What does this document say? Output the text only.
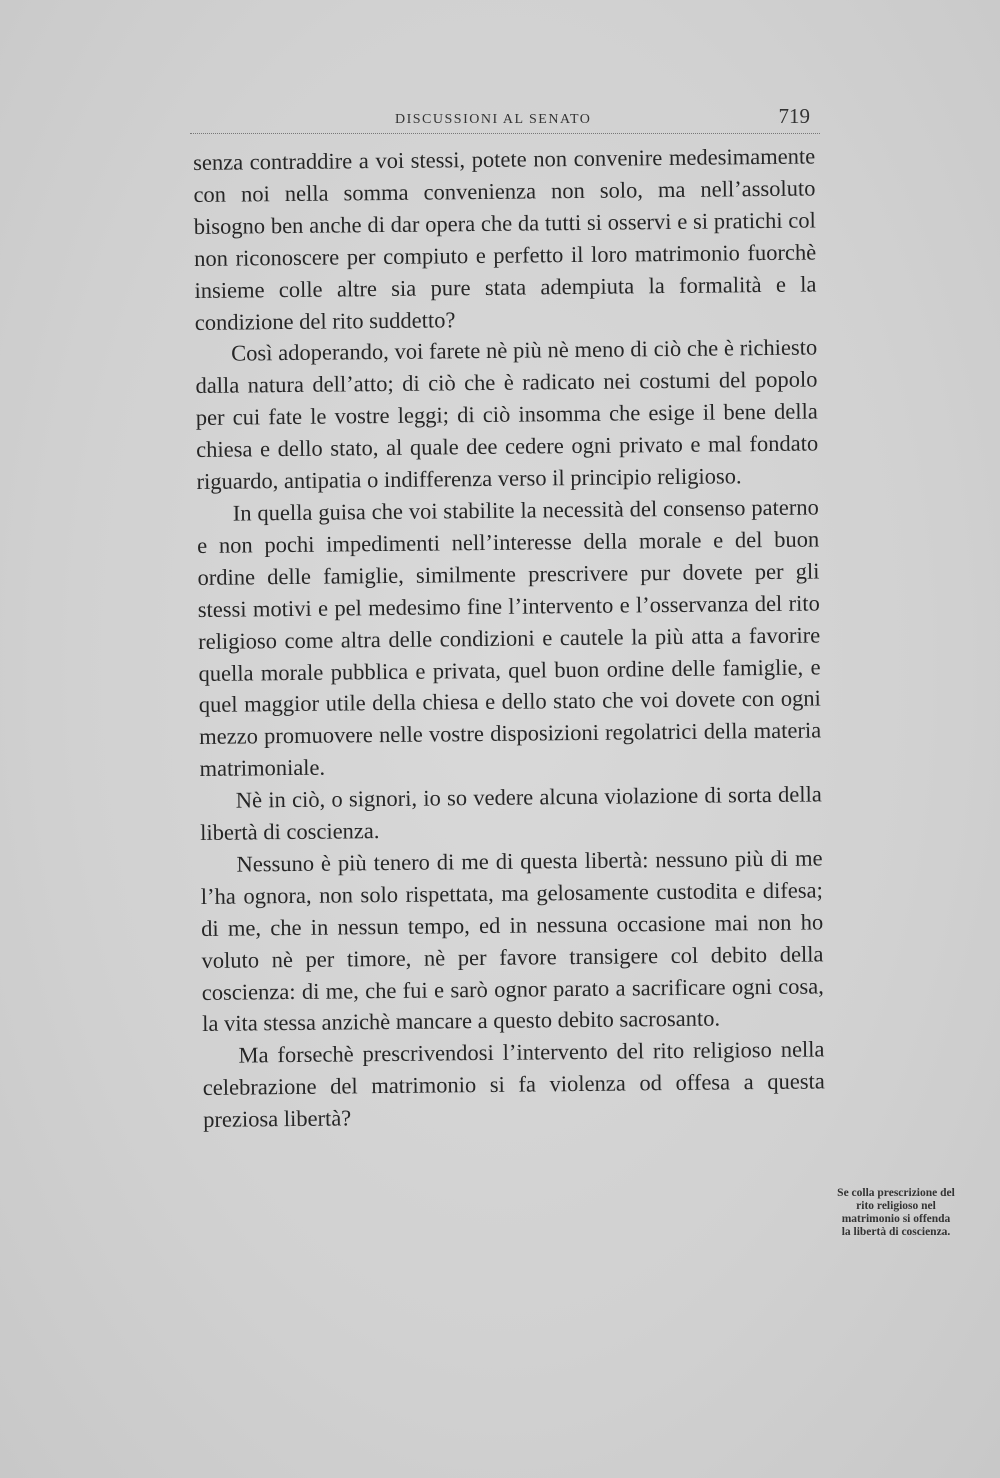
DISCUSSIONI AL SENATO	719

senza contraddire a voi stessi, potete non convenire medesimamente con noi nella somma convenienza non solo, ma nell’assoluto bisogno ben anche di dar opera che da tutti si osservi e si pratichi col non riconoscere per compiuto e perfetto il loro matrimonio fuorchè insieme colle altre sia pure stata adempiuta la formalità e la condizione del rito suddetto?

Così adoperando, voi farete nè più nè meno di ciò che è richiesto dalla natura dell’atto; di ciò che è radicato nei costumi del popolo per cui fate le vostre leggi; di ciò insomma che esige il bene della chiesa e dello stato, al quale dee cedere ogni privato e mal fondato riguardo, antipatia o indifferenza verso il principio religioso.

In quella guisa che voi stabilite la necessità del consenso paterno e non pochi impedimenti nell’interesse della morale e del buon ordine delle famiglie, similmente prescrivere pur dovete per gli stessi motivi e pel medesimo fine l’intervento e l’osservanza del rito religioso come altra delle condizioni e cautele la più atta a favorire quella morale pubblica e privata, quel buon ordine delle famiglie, e quel maggior utile della chiesa e dello stato che voi dovete con ogni mezzo promuovere nelle vostre disposizioni regolatrici della materia matrimoniale.

Nè in ciò, o signori, io so vedere alcuna violazione di sorta della libertà di coscienza.

Nessuno è più tenero di me di questa libertà: nessuno più di me l’ha ognora, non solo rispettata, ma gelosamente custodita e difesa; di me, che in nessun tempo, ed in nessuna occasione mai non ho voluto nè per timore, nè per favore transigere col debito della coscienza: di me, che fui e sarò ognor parato a sacrificare ogni cosa, la vita stessa anzichè mancare a questo debito sacrosanto.

Ma forsechè prescrivendosi l’intervento del rito religioso nella celebrazione del matrimonio si fa violenza od offesa a questa preziosa libertà?

Se colla prescrizione del rito religioso nel matrimonio si offenda la libertà di coscienza.
